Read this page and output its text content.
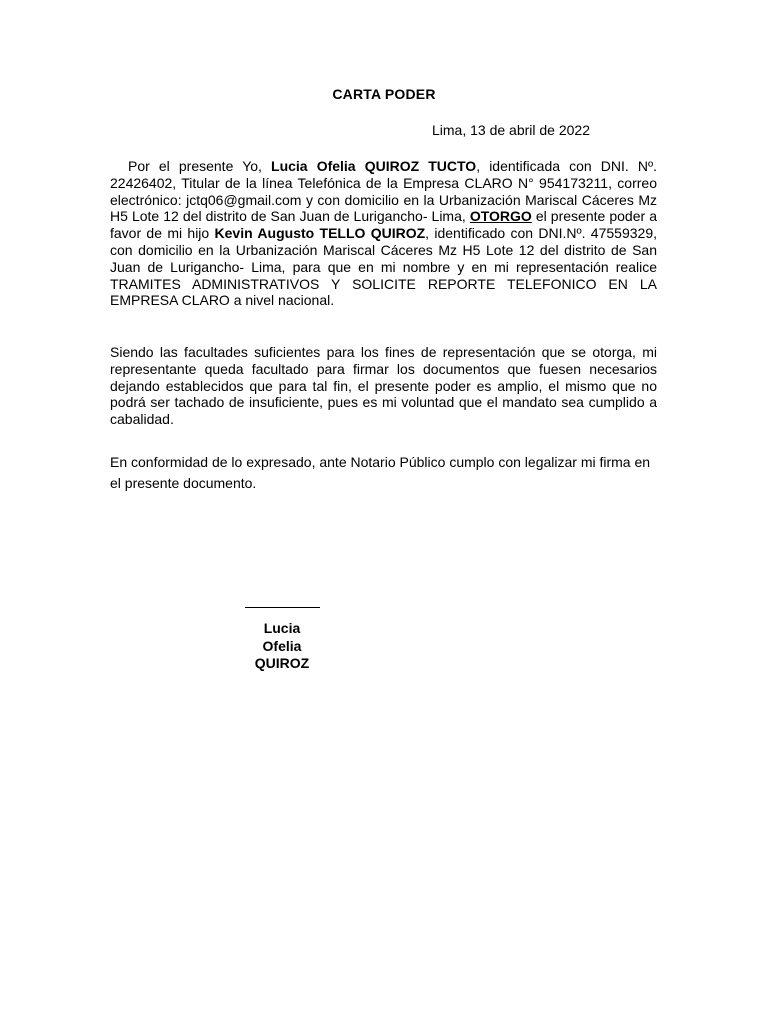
CARTA PODER
Lima, 13 de abril de 2022

Por el presente Yo, Lucia Ofelia QUIROZ TUCTO, identificada con DNI. Nº. 22426402, Titular de la línea Telefónica de la Empresa CLARO N° 954173211, correo electrónico: jctq06@gmail.com y con domicilio en la Urbanización Mariscal Cáceres Mz H5 Lote 12 del distrito de San Juan de Lurigancho- Lima, OTORGO el presente poder a favor de mi hijo Kevin Augusto TELLO QUIROZ, identificado con DNI.Nº. 47559329, con domicilio en la Urbanización Mariscal Cáceres Mz H5 Lote 12 del distrito de San Juan de Lurigancho- Lima, para que en mi nombre y en mi representación realice TRAMITES ADMINISTRATIVOS Y SOLICITE REPORTE TELEFONICO EN LA EMPRESA CLARO a nivel nacional.

Siendo las facultades suficientes para los fines de representación que se otorga, mi representante queda facultado para firmar los documentos que fuesen necesarios dejando establecidos que para tal fin, el presente poder es amplio, el mismo que no podrá ser tachado de insuficiente, pues es mi voluntad que el mandato sea cumplido a cabalidad.

En conformidad de lo expresado, ante Notario Público cumplo con legalizar mi firma en el presente documento.

Lucia
Ofelia
QUIROZ
